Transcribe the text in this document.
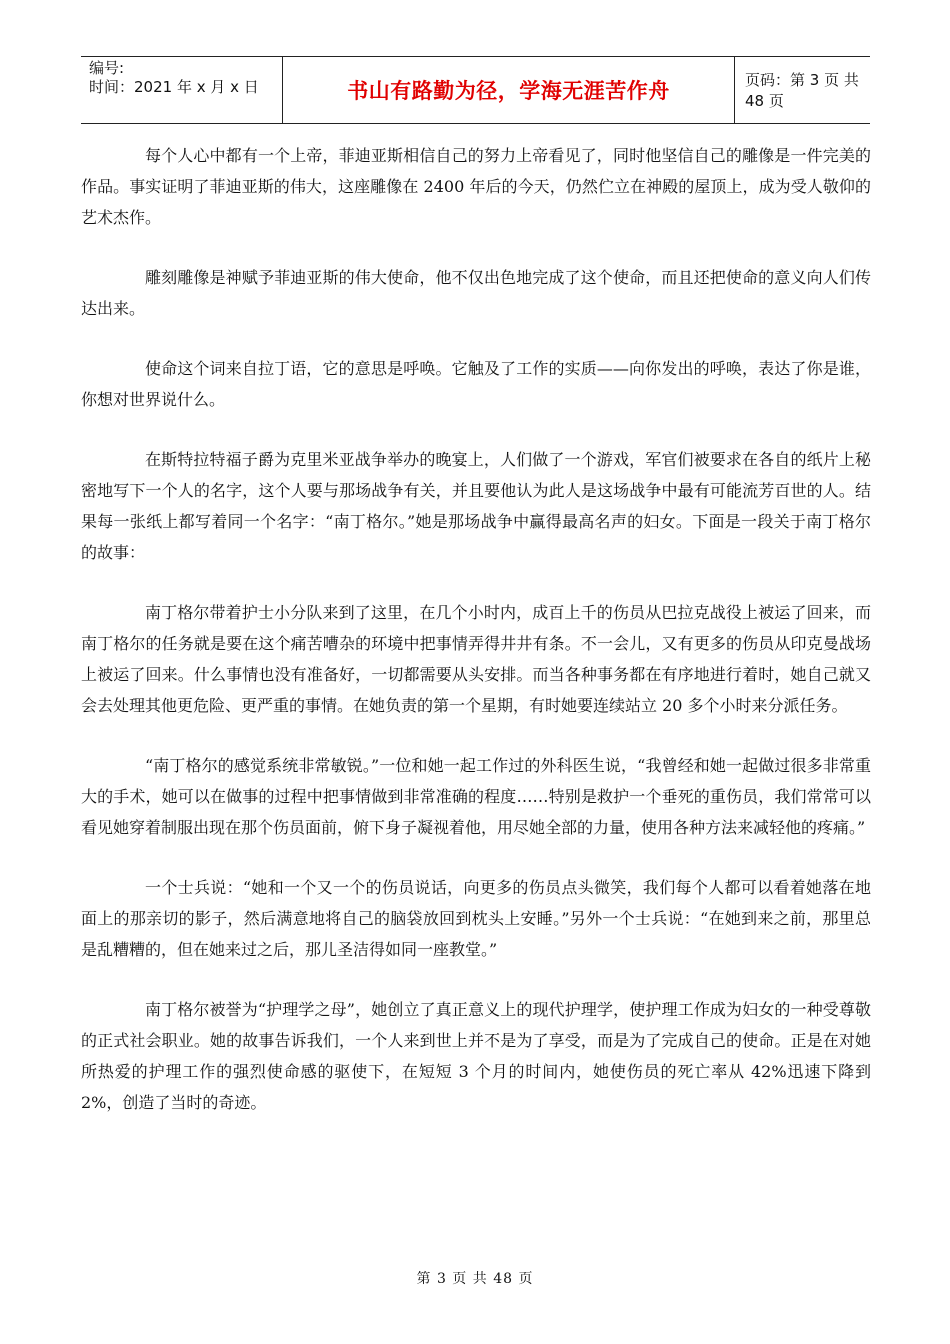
编号:
时间：2021 年 x 月 x 日	书山有路勤为径，学海无涯苦作舟	页码：第 3 页 共 48 页

每个人心中都有一个上帝，菲迪亚斯相信自己的努力上帝看见了，同时他坚信自己的雕像是一件完美的作品。事实证明了菲迪亚斯的伟大，这座雕像在 2400 年后的今天，仍然伫立在神殿的屋顶上，成为受人敬仰的艺术杰作。

雕刻雕像是神赋予菲迪亚斯的伟大使命，他不仅出色地完成了这个使命，而且还把使命的意义向人们传达出来。

使命这个词来自拉丁语，它的意思是呼唤。它触及了工作的实质——向你发出的呼唤，表达了你是谁，你想对世界说什么。

在斯特拉特福子爵为克里米亚战争举办的晚宴上，人们做了一个游戏，军官们被要求在各自的纸片上秘密地写下一个人的名字，这个人要与那场战争有关，并且要他认为此人是这场战争中最有可能流芳百世的人。结果每一张纸上都写着同一个名字：“南丁格尔。”她是那场战争中赢得最高名声的妇女。下面是一段关于南丁格尔的故事：

南丁格尔带着护士小分队来到了这里，在几个小时内，成百上千的伤员从巴拉克战役上被运了回来，而南丁格尔的任务就是要在这个痛苦嘈杂的环境中把事情弄得井井有条。不一会儿，又有更多的伤员从印克曼战场上被运了回来。什么事情也没有准备好，一切都需要从头安排。而当各种事务都在有序地进行着时，她自己就又会去处理其他更危险、更严重的事情。在她负责的第一个星期，有时她要连续站立 20 多个小时来分派任务。

“南丁格尔的感觉系统非常敏锐。”一位和她一起工作过的外科医生说，“我曾经和她一起做过很多非常重大的手术，她可以在做事的过程中把事情做到非常准确的程度……特别是救护一个垂死的重伤员，我们常常可以看见她穿着制服出现在那个伤员面前，俯下身子凝视着他，用尽她全部的力量，使用各种方法来减轻他的疼痛。”

一个士兵说：“她和一个又一个的伤员说话，向更多的伤员点头微笑，我们每个人都可以看着她落在地面上的那亲切的影子，然后满意地将自己的脑袋放回到枕头上安睡。”另外一个士兵说：“在她到来之前，那里总是乱糟糟的，但在她来过之后，那儿圣洁得如同一座教堂。”

南丁格尔被誉为“护理学之母”，她创立了真正意义上的现代护理学，使护理工作成为妇女的一种受尊敬的正式社会职业。她的故事告诉我们，一个人来到世上并不是为了享受，而是为了完成自己的使命。正是在对她所热爱的护理工作的强烈使命感的驱使下，在短短 3 个月的时间内，她使伤员的死亡率从 42%迅速下降到 2%，创造了当时的奇迹。

第 3 页 共 48 页
